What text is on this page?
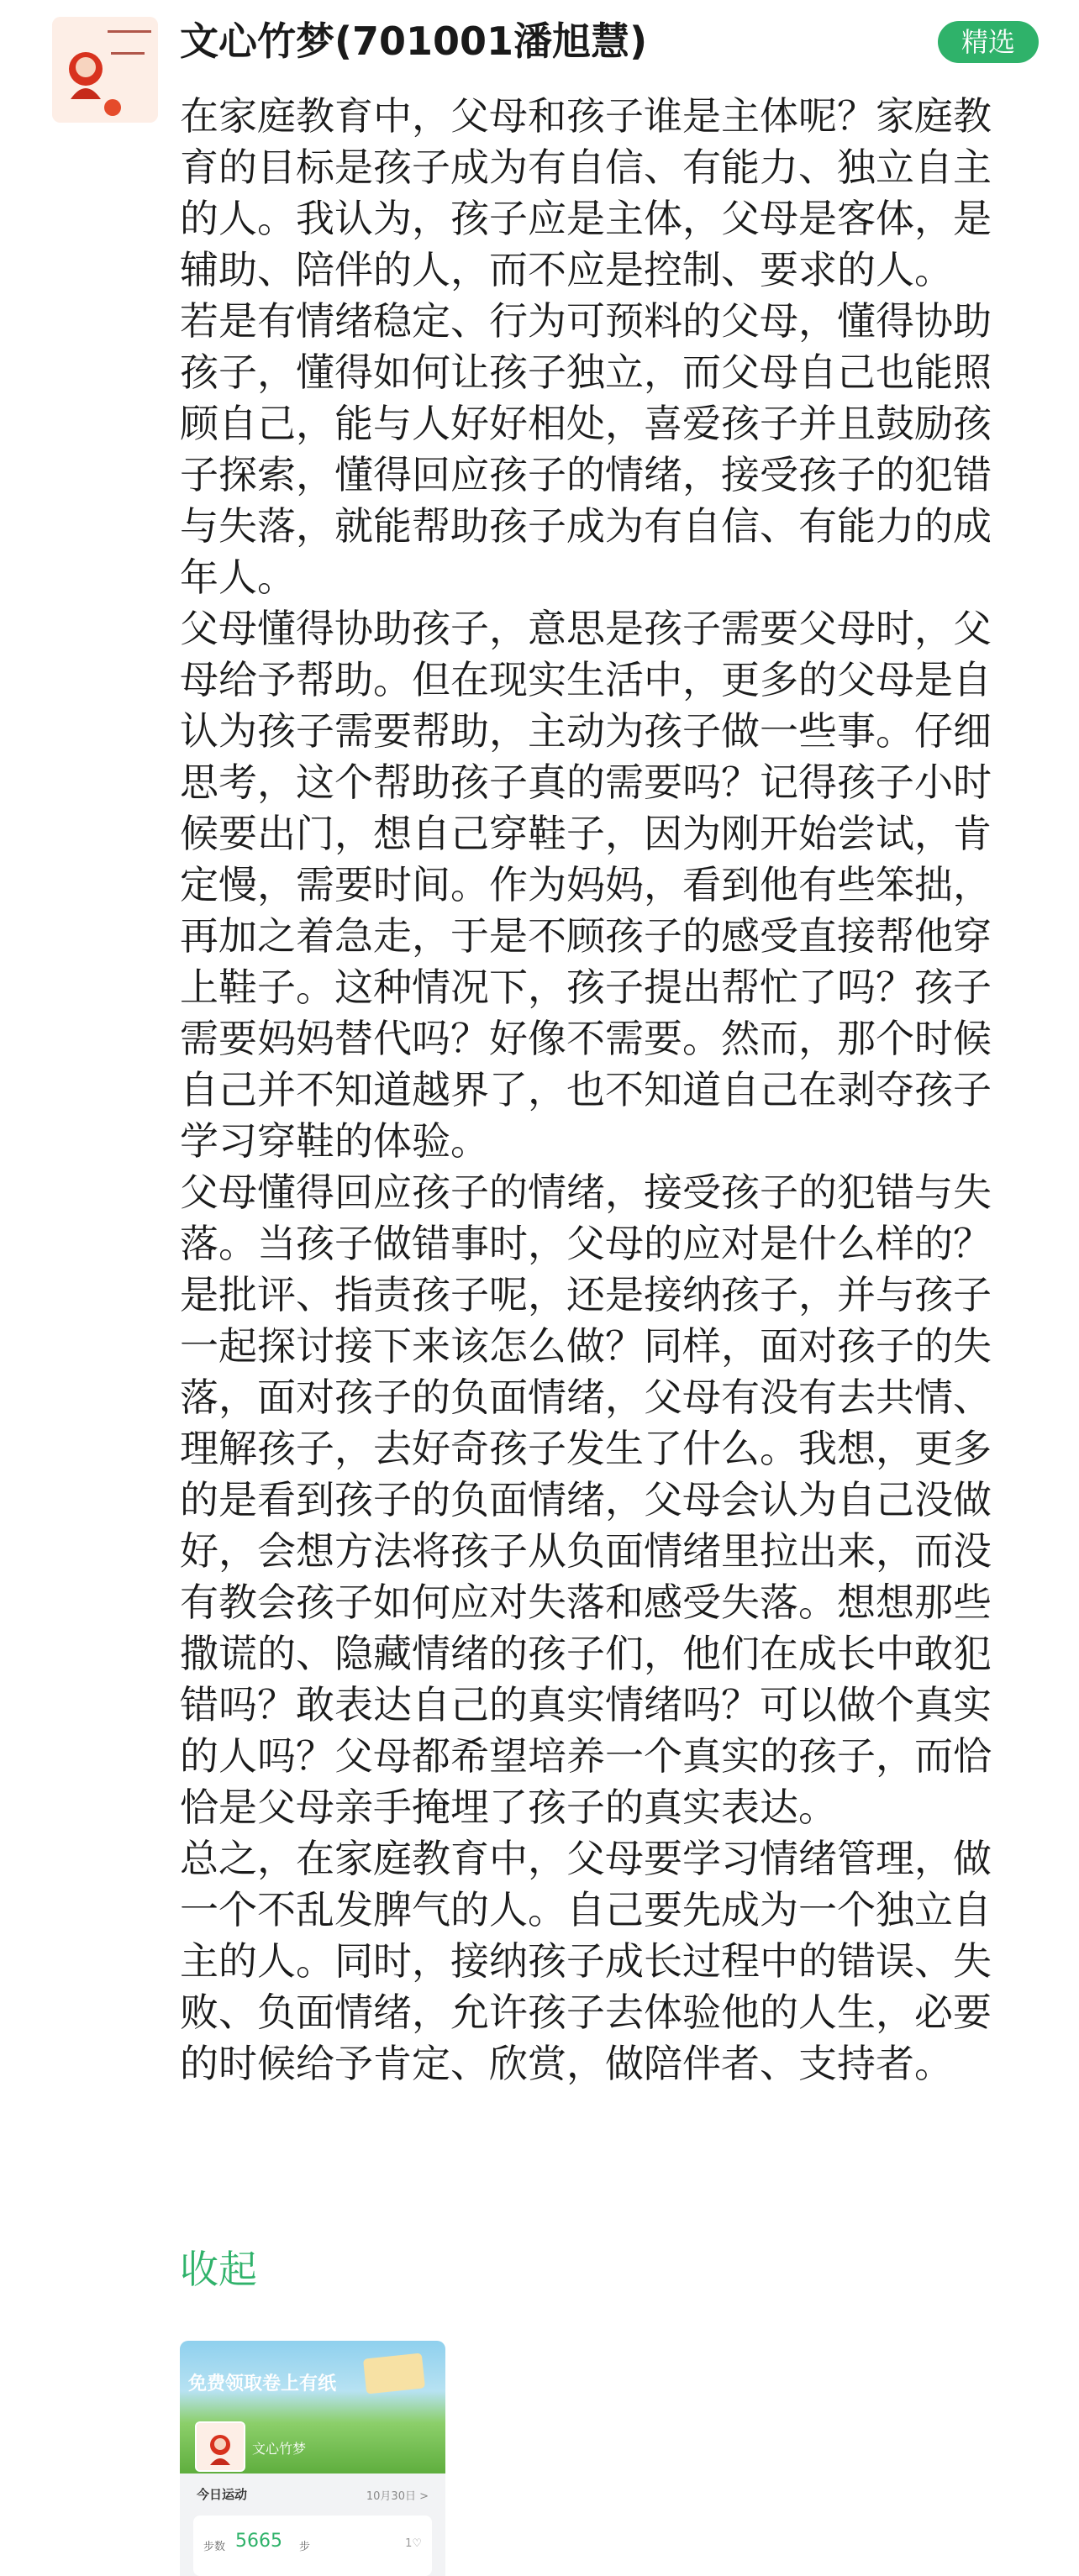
文心竹梦(701001潘旭慧)	精选

在家庭教育中，父母和孩子谁是主体呢？家庭教育的目标是孩子成为有自信、有能力、独立自主的人。我认为，孩子应是主体，父母是客体，是辅助、陪伴的人，而不应是控制、要求的人。

若是有情绪稳定、行为可预料的父母，懂得协助孩子，懂得如何让孩子独立，而父母自己也能照顾自己，能与人好好相处，喜爱孩子并且鼓励孩子探索，懂得回应孩子的情绪，接受孩子的犯错与失落，就能帮助孩子成为有自信、有能力的成年人。

父母懂得协助孩子，意思是孩子需要父母时，父母给予帮助。但在现实生活中，更多的父母是自认为孩子需要帮助，主动为孩子做一些事。仔细思考，这个帮助孩子真的需要吗？记得孩子小时候要出门，想自己穿鞋子，因为刚开始尝试，肯定慢，需要时间。作为妈妈，看到他有些笨拙，再加之着急走，于是不顾孩子的感受直接帮他穿上鞋子。这种情况下，孩子提出帮忙了吗？孩子需要妈妈替代吗？好像不需要。然而，那个时候自己并不知道越界了，也不知道自己在剥夺孩子学习穿鞋的体验。

父母懂得回应孩子的情绪，接受孩子的犯错与失落。当孩子做错事时，父母的应对是什么样的？是批评、指责孩子呢，还是接纳孩子，并与孩子一起探讨接下来该怎么做？同样，面对孩子的失落，面对孩子的负面情绪，父母有没有去共情、理解孩子，去好奇孩子发生了什么。我想，更多的是看到孩子的负面情绪，父母会认为自己没做好，会想方法将孩子从负面情绪里拉出来，而没有教会孩子如何应对失落和感受失落。想想那些撒谎的、隐藏情绪的孩子们，他们在成长中敢犯错吗？敢表达自己的真实情绪吗？可以做个真实的人吗？父母都希望培养一个真实的孩子，而恰恰是父母亲手掩埋了孩子的真实表达。

总之，在家庭教育中，父母要学习情绪管理，做一个不乱发脾气的人。自己要先成为一个独立自主的人。同时，接纳孩子成长过程中的错误、失败、负面情绪，允许孩子去体验他的人生，必要的时候给予肯定、欣赏，做陪伴者、支持者。

收起
免费领取卷上有纸
文心竹梦
今日运动	10月30日 >
步数 5665 步	1♡
